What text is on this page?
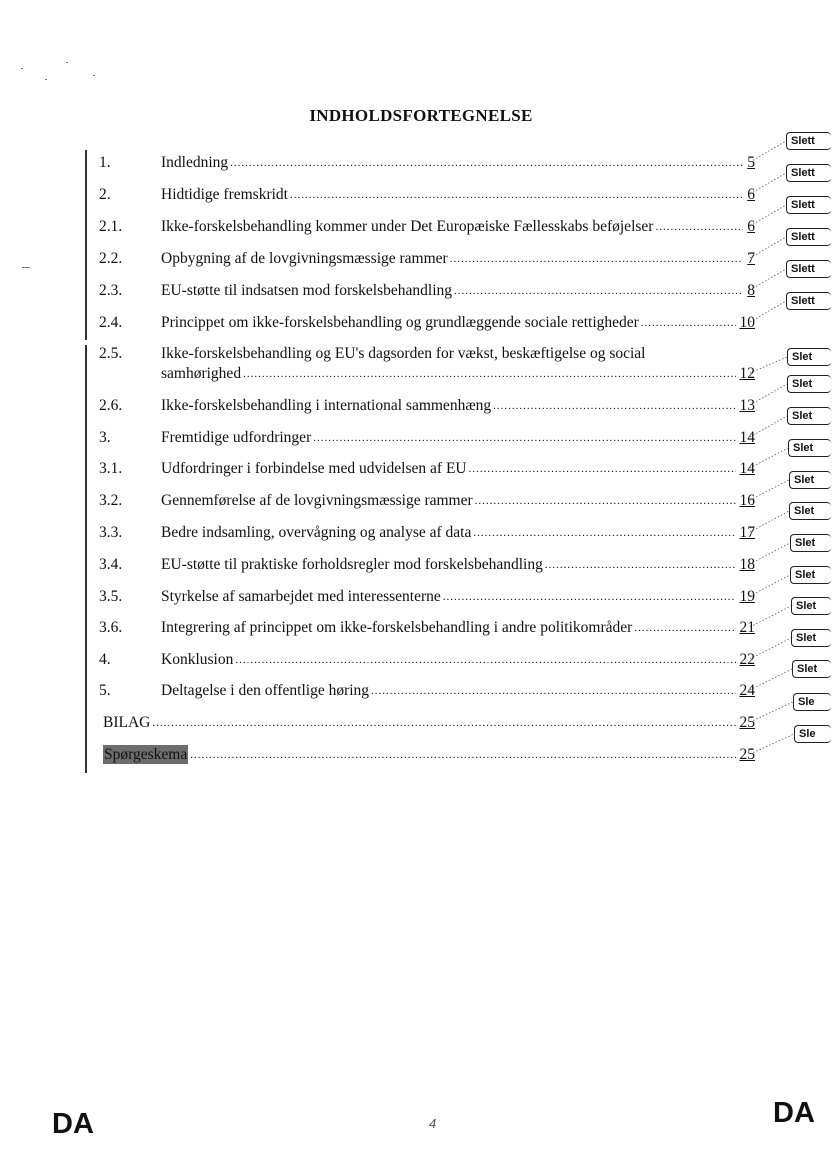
INDHOLDSFORTEGNELSE
1.	Indledning .....	5
2.	Hidtidige fremskridt .....	6
2.1.	Ikke-forskelsbehandling kommer under Det Europæiske Fællesskabs beføjelser .....	6
2.2.	Opbygning af de lovgivningsmæssige rammer .....	7
2.3.	EU-støtte til indsatsen mod forskelsbehandling .....	8
2.4.	Princippet om ikke-forskelsbehandling og grundlæggende sociale rettigheder .....	10
2.5.	Ikke-forskelsbehandling og EU's dagsorden for vækst, beskæftigelse og social
samhørighed .....	12
2.6.	Ikke-forskelsbehandling i international sammenhæng .....	13
3.	Fremtidige udfordringer .....	14
3.1.	Udfordringer i forbindelse med udvidelsen af EU .....	14
3.2.	Gennemførelse af de lovgivningsmæssige rammer .....	16
3.3.	Bedre indsamling, overvågning og analyse af data .....	17
3.4.	EU-støtte til praktiske forholdsregler mod forskelsbehandling .....	18
3.5.	Styrkelse af samarbejdet med interessenterne .....	19
3.6.	Integrering af princippet om ikke-forskelsbehandling i andre politikområder .....	21
4.	Konklusion .....	22
5.	Deltagelse i den offentlige høring .....	24
BILAG .....	25
Spørgeskema .....	25
Slett
Slett
Slett
Slett
Slett
Slett
Slet
Slet
Slet
Slet
Slet
Slet
Slet
Slet
Slet
Slet
Slet
Sle
Sle
DA	4	DA
